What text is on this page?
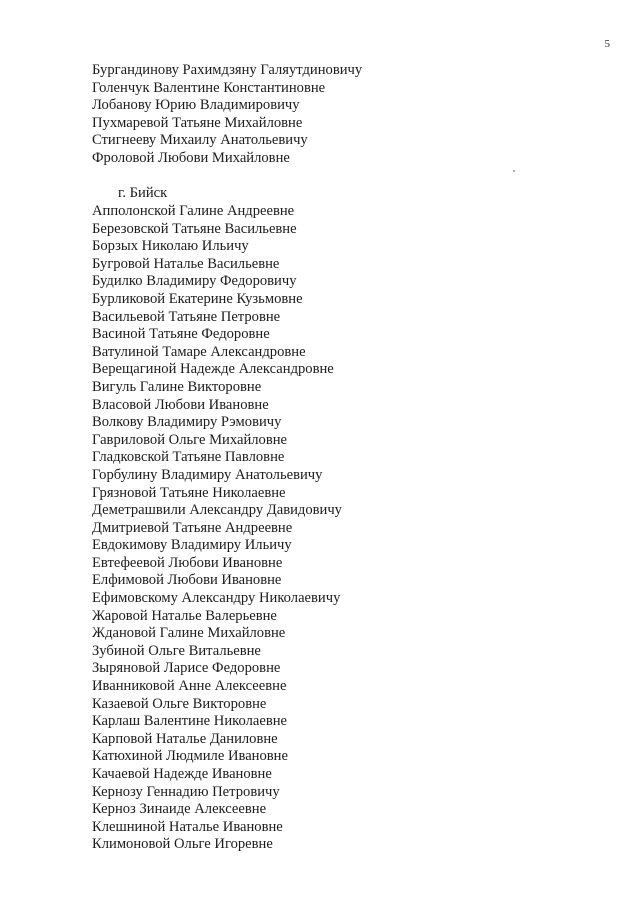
5
Бургандинову Рахимдзяну Галяутдиновичу
Голенчук Валентине Константиновне
Лобанову Юрию Владимировичу
Пухмаревой Татьяне Михайловне
Стигнееву Михаилу Анатольевичу
Фроловой Любови Михайловне
г. Бийск
Апполонской Галине Андреевне
Березовской Татьяне Васильевне
Борзых Николаю Ильичу
Бугровой Наталье Васильевне
Будилко Владимиру Федоровичу
Бурликовой Екатерине Кузьмовне
Васильевой Татьяне Петровне
Васиной Татьяне Федоровне
Ватулиной Тамаре Александровне
Верещагиной Надежде Александровне
Вигуль Галине Викторовне
Власовой Любови Ивановне
Волкову Владимиру Рэмовичу
Гавриловой Ольге Михайловне
Гладковской Татьяне Павловне
Горбулину Владимиру Анатольевичу
Грязновой Татьяне Николаевне
Деметрашвили Александру Давидовичу
Дмитриевой Татьяне Андреевне
Евдокимову Владимиру Ильичу
Евтефеевой Любови Ивановне
Елфимовой Любови Ивановне
Ефимовскому Александру Николаевичу
Жаровой Наталье Валерьевне
Ждановой Галине Михайловне
Зубиной Ольге Витальевне
Зыряновой Ларисе Федоровне
Иванниковой Анне Алексеевне
Казаевой Ольге Викторовне
Карлаш Валентине Николаевне
Карповой Наталье Даниловне
Катюхиной Людмиле Ивановне
Качаевой Надежде Ивановне
Кернозу Геннадию Петровичу
Керноз Зинаиде Алексеевне
Клешниной Наталье Ивановне
Климоновой Ольге Игоревне
